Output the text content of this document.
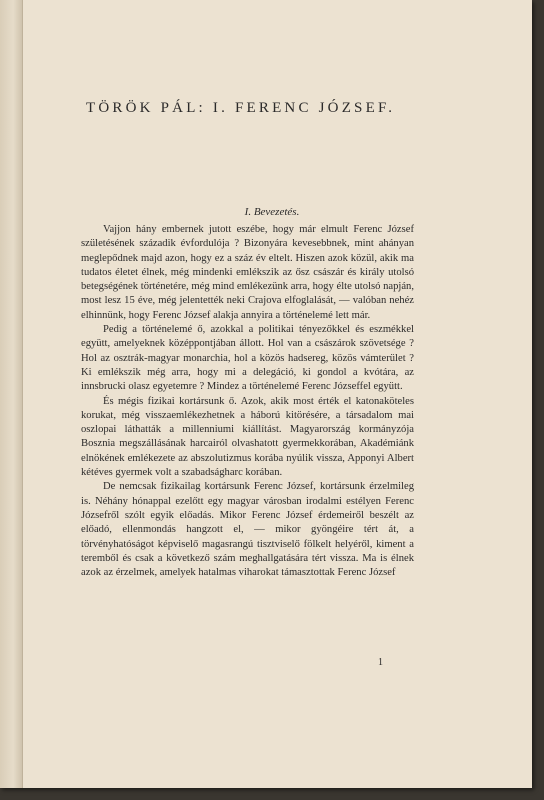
TÖRÖK PÁL: I. FERENC JÓZSEF.
I. Bevezetés.

Vajjon hány embernek jutott eszébe, hogy már elmult Ferenc József születésének századik évfordulója ? Bizonyára kevesebbnek, mint ahányan meglepődnek majd azon, hogy ez a száz év eltelt. Hiszen azok közül, akik ma tudatos életet élnek, még mindenki emlékszik az ősz császár és király utolsó betegségének történetére, még mind emlékezünk arra, hogy élte utolsó napján, most lesz 15 éve, még jelentették neki Crajova elfoglalását, — valóban nehéz elhinnünk, hogy Ferenc József alakja annyira a történelemé lett már.

Pedig a történelemé ő, azokkal a politikai tényezőkkel és eszmékkel együtt, amelyeknek középpontjában állott. Hol van a császárok szövetsége ? Hol az osztrák-magyar monarchia, hol a közös hadsereg, közös vámterület ? Ki emlékszik még arra, hogy mi a delegáció, ki gondol a kvótára, az innsbrucki olasz egyetemre ? Mindez a történelemé Ferenc Józseffel együtt.

És mégis fizikai kortársunk ő. Azok, akik most érték el katonaköteles korukat, még visszaemlékezhetnek a háború kitörésére, a társadalom mai oszlopai láthatták a millenniumi kiállítást. Magyarország kormányzója Bosznia megszállásának harcairól olvashatott gyermekkorában, Akadémiánk elnökének emlékezete az abszolutizmus korába nyúlik vissza, Apponyi Albert kétéves gyermek volt a szabadságharc korában.

De nemcsak fizikailag kortársunk Ferenc József, kortársunk érzelmileg is. Néhány hónappal ezelőtt egy magyar városban irodalmi estélyen Ferenc Józsefről szólt egyik előadás. Mikor Ferenc József érdemeiről beszélt az előadó, ellenmondás hangzott el, — mikor gyöngéire tért át, a törvényhatóságot képviselő magasrangú tisztviselő fölkelt helyéről, kiment a teremből és csak a következő szám meghallgatására tért vissza. Ma is élnek azok az érzelmek, amelyek hatalmas viharokat támasztottak Ferenc József

1
